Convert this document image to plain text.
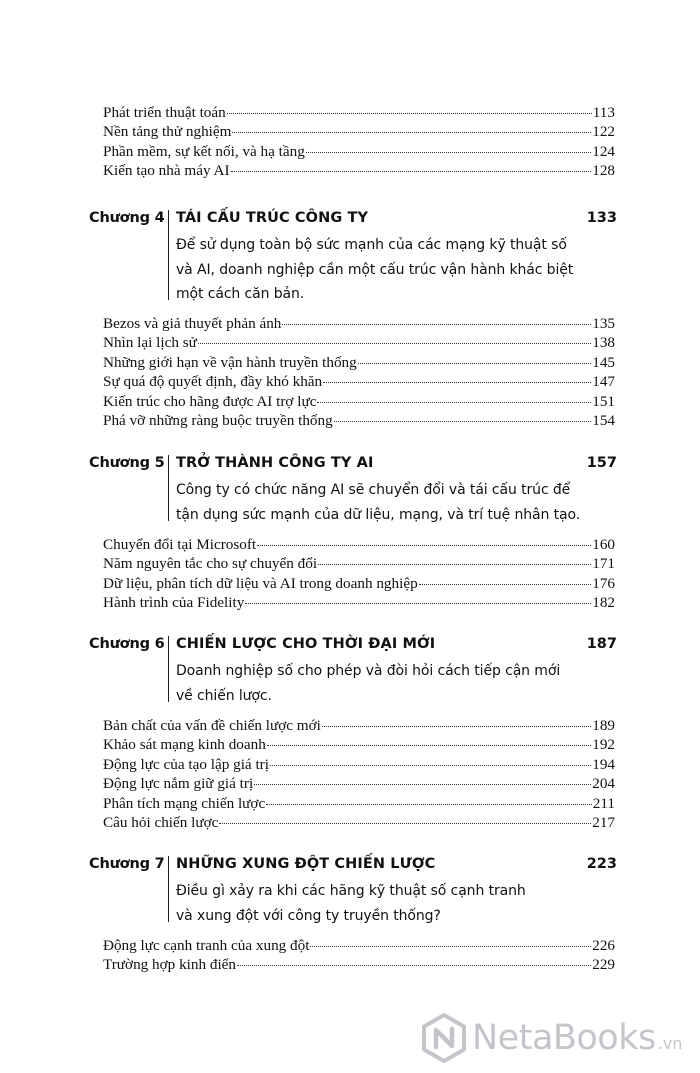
Phát triển thuật toán	113
Nền tảng thử nghiệm	122
Phần mềm, sự kết nối, và hạ tầng	124
Kiến tạo nhà máy AI	128
Chương 4 TÁI CẤU TRÚC CÔNG TY	133
Để sử dụng toàn bộ sức mạnh của các mạng kỹ thuật số
và AI, doanh nghiệp cần một cấu trúc vận hành khác biệt
một cách căn bản.
Bezos và giả thuyết phản ánh	135
Nhìn lại lịch sử	138
Những giới hạn về vận hành truyền thống	145
Sự quá độ quyết định, đầy khó khăn	147
Kiến trúc cho hãng được AI trợ lực	151
Phá vỡ những ràng buộc truyền thống	154
Chương 5 TRỞ THÀNH CÔNG TY AI	157
Công ty có chức năng AI sẽ chuyển đổi và tái cấu trúc để
tận dụng sức mạnh của dữ liệu, mạng, và trí tuệ nhân tạo.
Chuyển đổi tại Microsoft	160
Năm nguyên tắc cho sự chuyển đổi	171
Dữ liệu, phân tích dữ liệu và AI trong doanh nghiệp	176
Hành trình của Fidelity	182
Chương 6 CHIẾN LƯỢC CHO THỜI ĐẠI MỚI	187
Doanh nghiệp số cho phép và đòi hỏi cách tiếp cận mới
về chiến lược.
Bản chất của vấn đề chiến lược mới	189
Khảo sát mạng kinh doanh	192
Động lực của tạo lập giá trị	194
Động lực nắm giữ giá trị	204
Phân tích mạng chiến lược	211
Câu hỏi chiến lược	217
Chương 7 NHỮNG XUNG ĐỘT CHIẾN LƯỢC	223
Điều gì xảy ra khi các hãng kỹ thuật số cạnh tranh
và xung đột với công ty truyền thống?
Động lực cạnh tranh của xung đột	226
Trường hợp kinh điển	229
NetaBooks .vn
